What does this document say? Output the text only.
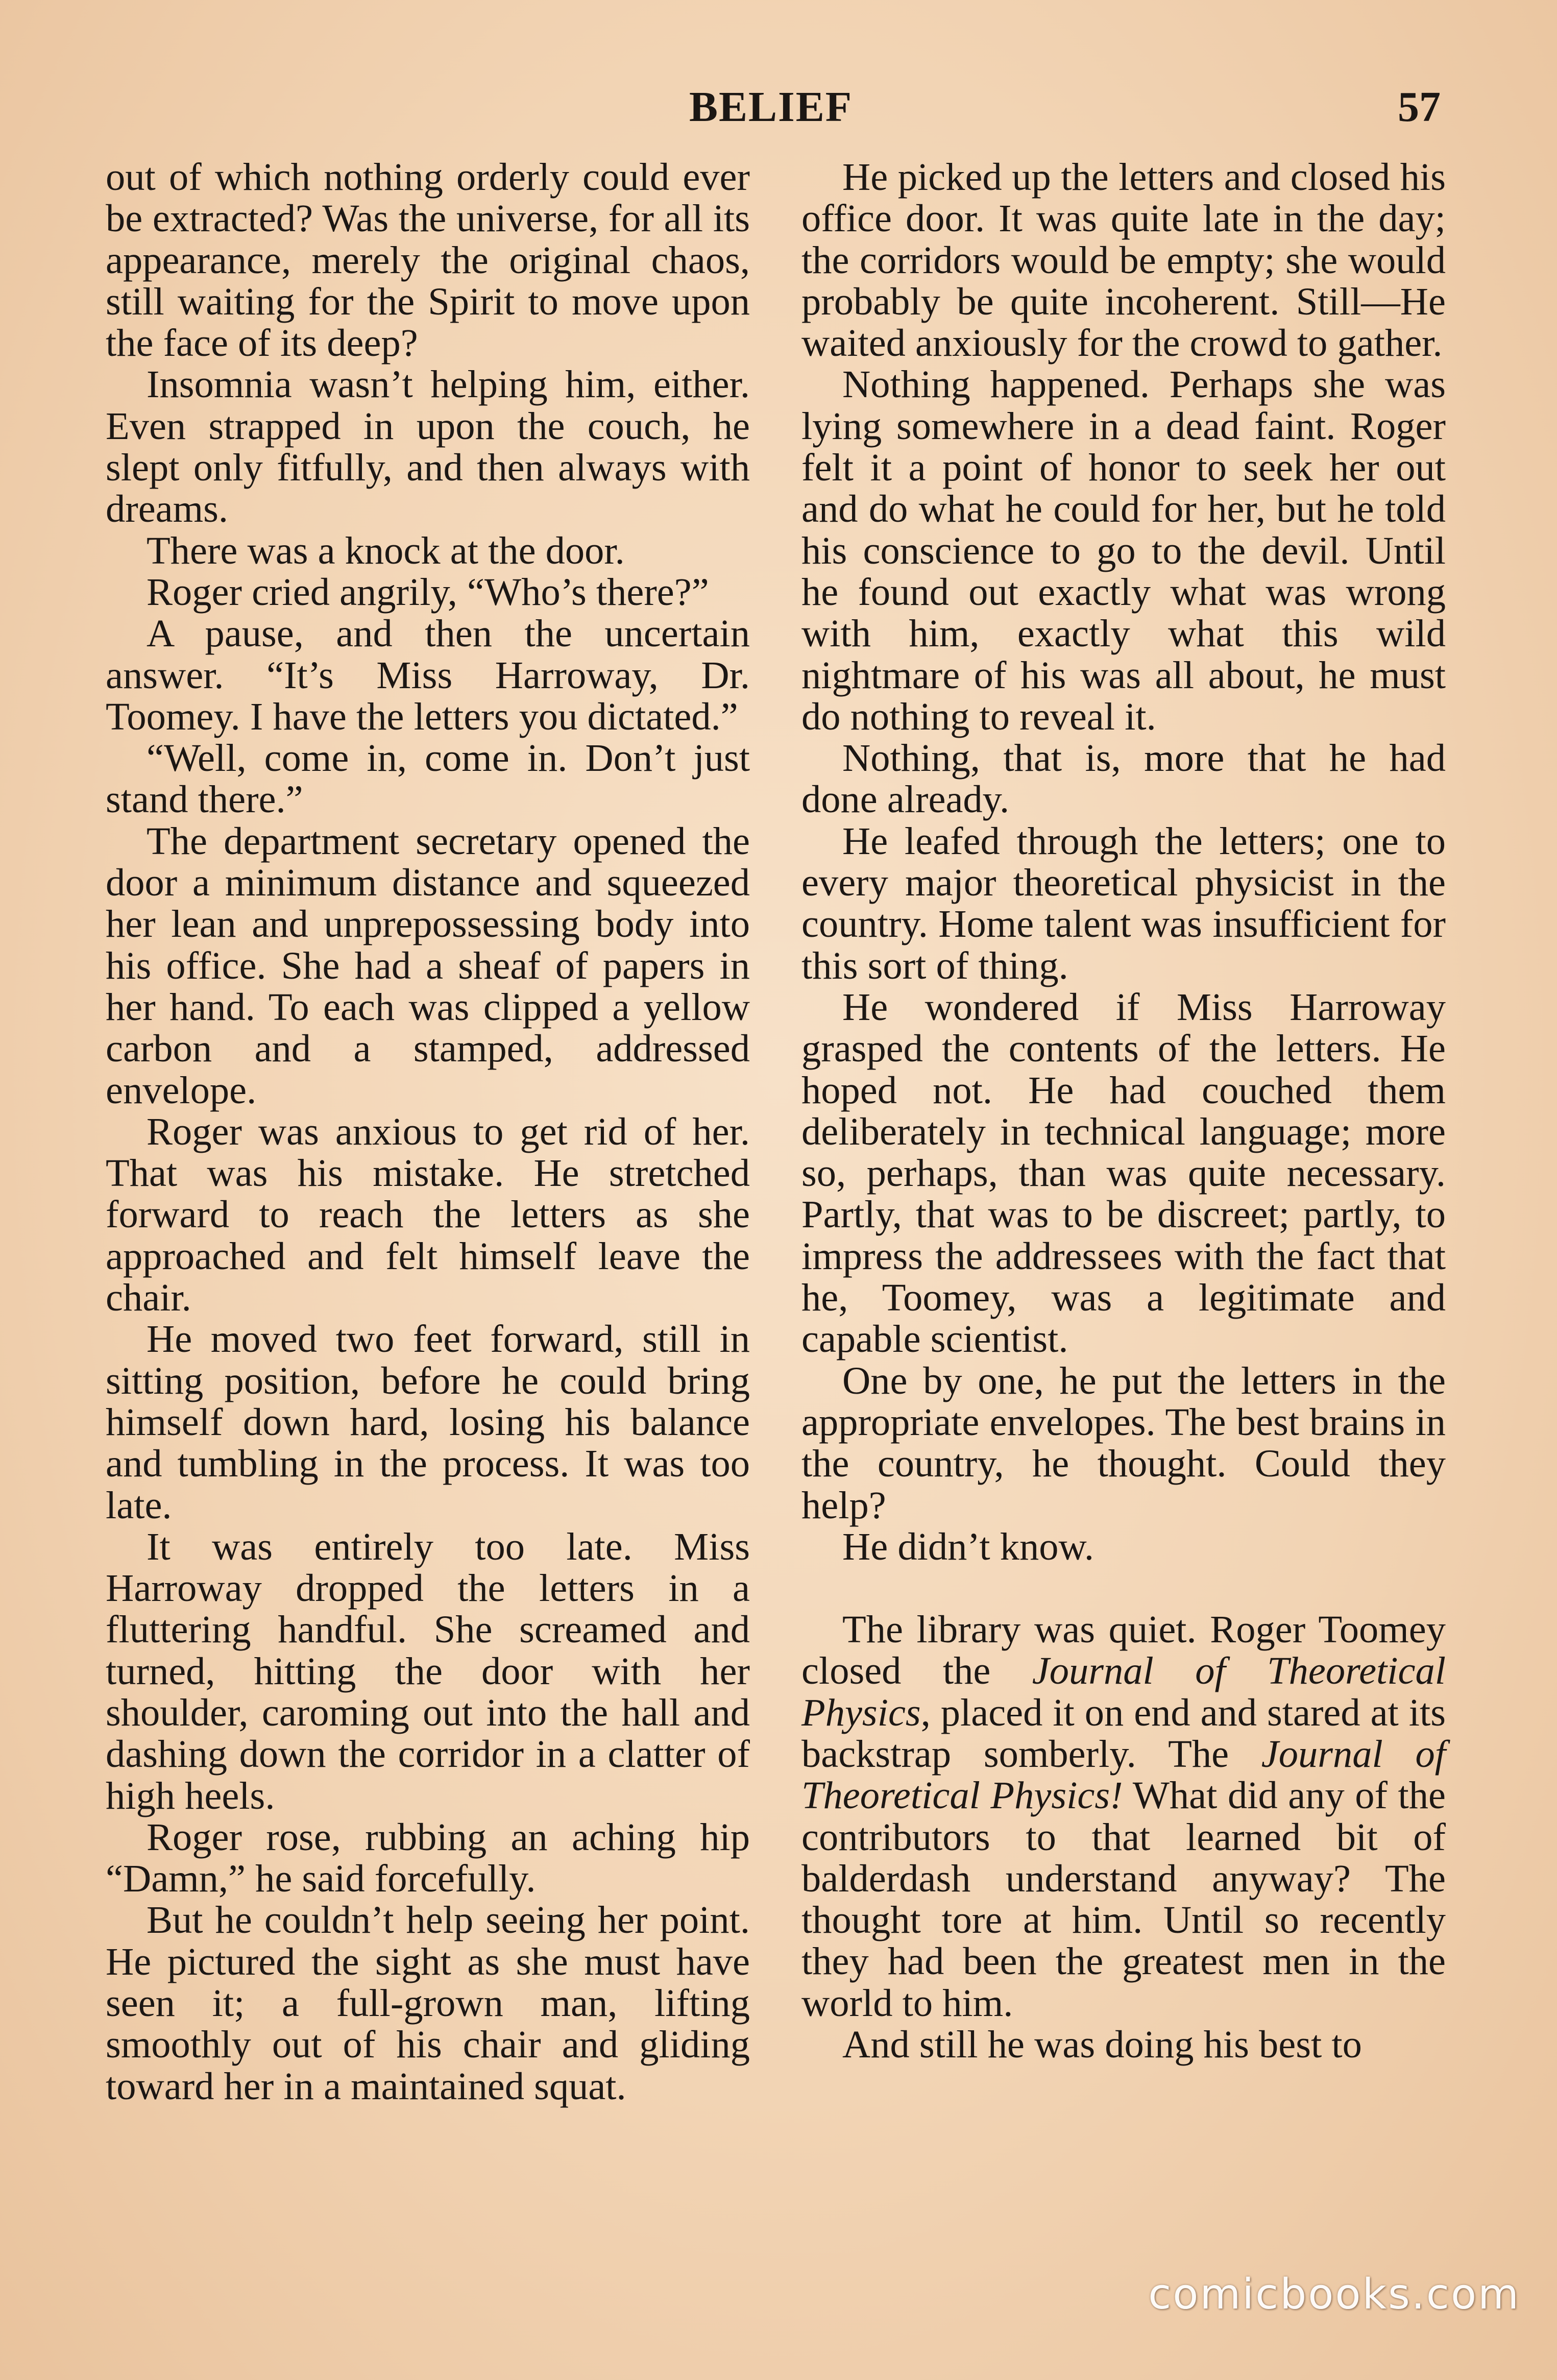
BELIEF	57

out of which nothing orderly could ever be extracted? Was the universe, for all its appearance, merely the original chaos, still waiting for the Spirit to move upon the face of its deep?

Insomnia wasn’t helping him, either. Even strapped in upon the couch, he slept only fitfully, and then always with dreams.

There was a knock at the door.

Roger cried angrily, “Who’s there?”

A pause, and then the uncertain answer. “It’s Miss Harroway, Dr. Toomey. I have the letters you dictated.”

“Well, come in, come in. Don’t just stand there.”

The department secretary opened the door a minimum distance and squeezed her lean and unprepossessing body into his office. She had a sheaf of papers in her hand. To each was clipped a yellow carbon and a stamped, addressed envelope.

Roger was anxious to get rid of her. That was his mistake. He stretched forward to reach the letters as she approached and felt himself leave the chair.

He moved two feet forward, still in sitting position, before he could bring himself down hard, losing his balance and tumbling in the process. It was too late.

It was entirely too late. Miss Harroway dropped the letters in a fluttering handful. She screamed and turned, hitting the door with her shoulder, caroming out into the hall and dashing down the corridor in a clatter of high heels.

Roger rose, rubbing an aching hip “Damn,” he said forcefully.

But he couldn’t help seeing her point. He pictured the sight as she must have seen it; a full-grown man, lifting smoothly out of his chair and gliding toward her in a maintained squat.

He picked up the letters and closed his office door. It was quite late in the day; the corridors would be empty; she would probably be quite incoherent. Still—He waited anxiously for the crowd to gather.

Nothing happened. Perhaps she was lying somewhere in a dead faint. Roger felt it a point of honor to seek her out and do what he could for her, but he told his conscience to go to the devil. Until he found out exactly what was wrong with him, exactly what this wild nightmare of his was all about, he must do nothing to reveal it.

Nothing, that is, more that he had done already.

He leafed through the letters; one to every major theoretical physicist in the country. Home talent was insufficient for this sort of thing.

He wondered if Miss Harroway grasped the contents of the letters. He hoped not. He had couched them deliberately in technical language; more so, perhaps, than was quite necessary. Partly, that was to be discreet; partly, to impress the addressees with the fact that he, Toomey, was a legitimate and capable scientist.

One by one, he put the letters in the appropriate envelopes. The best brains in the country, he thought. Could they help?

He didn’t know.

The library was quiet. Roger Toomey closed the Journal of Theoretical Physics, placed it on end and stared at its backstrap somberly. The Journal of Theoretical Physics! What did any of the contributors to that learned bit of balderdash understand anyway? The thought tore at him. Until so recently they had been the greatest men in the world to him.

And still he was doing his best to

comicbooks.com
